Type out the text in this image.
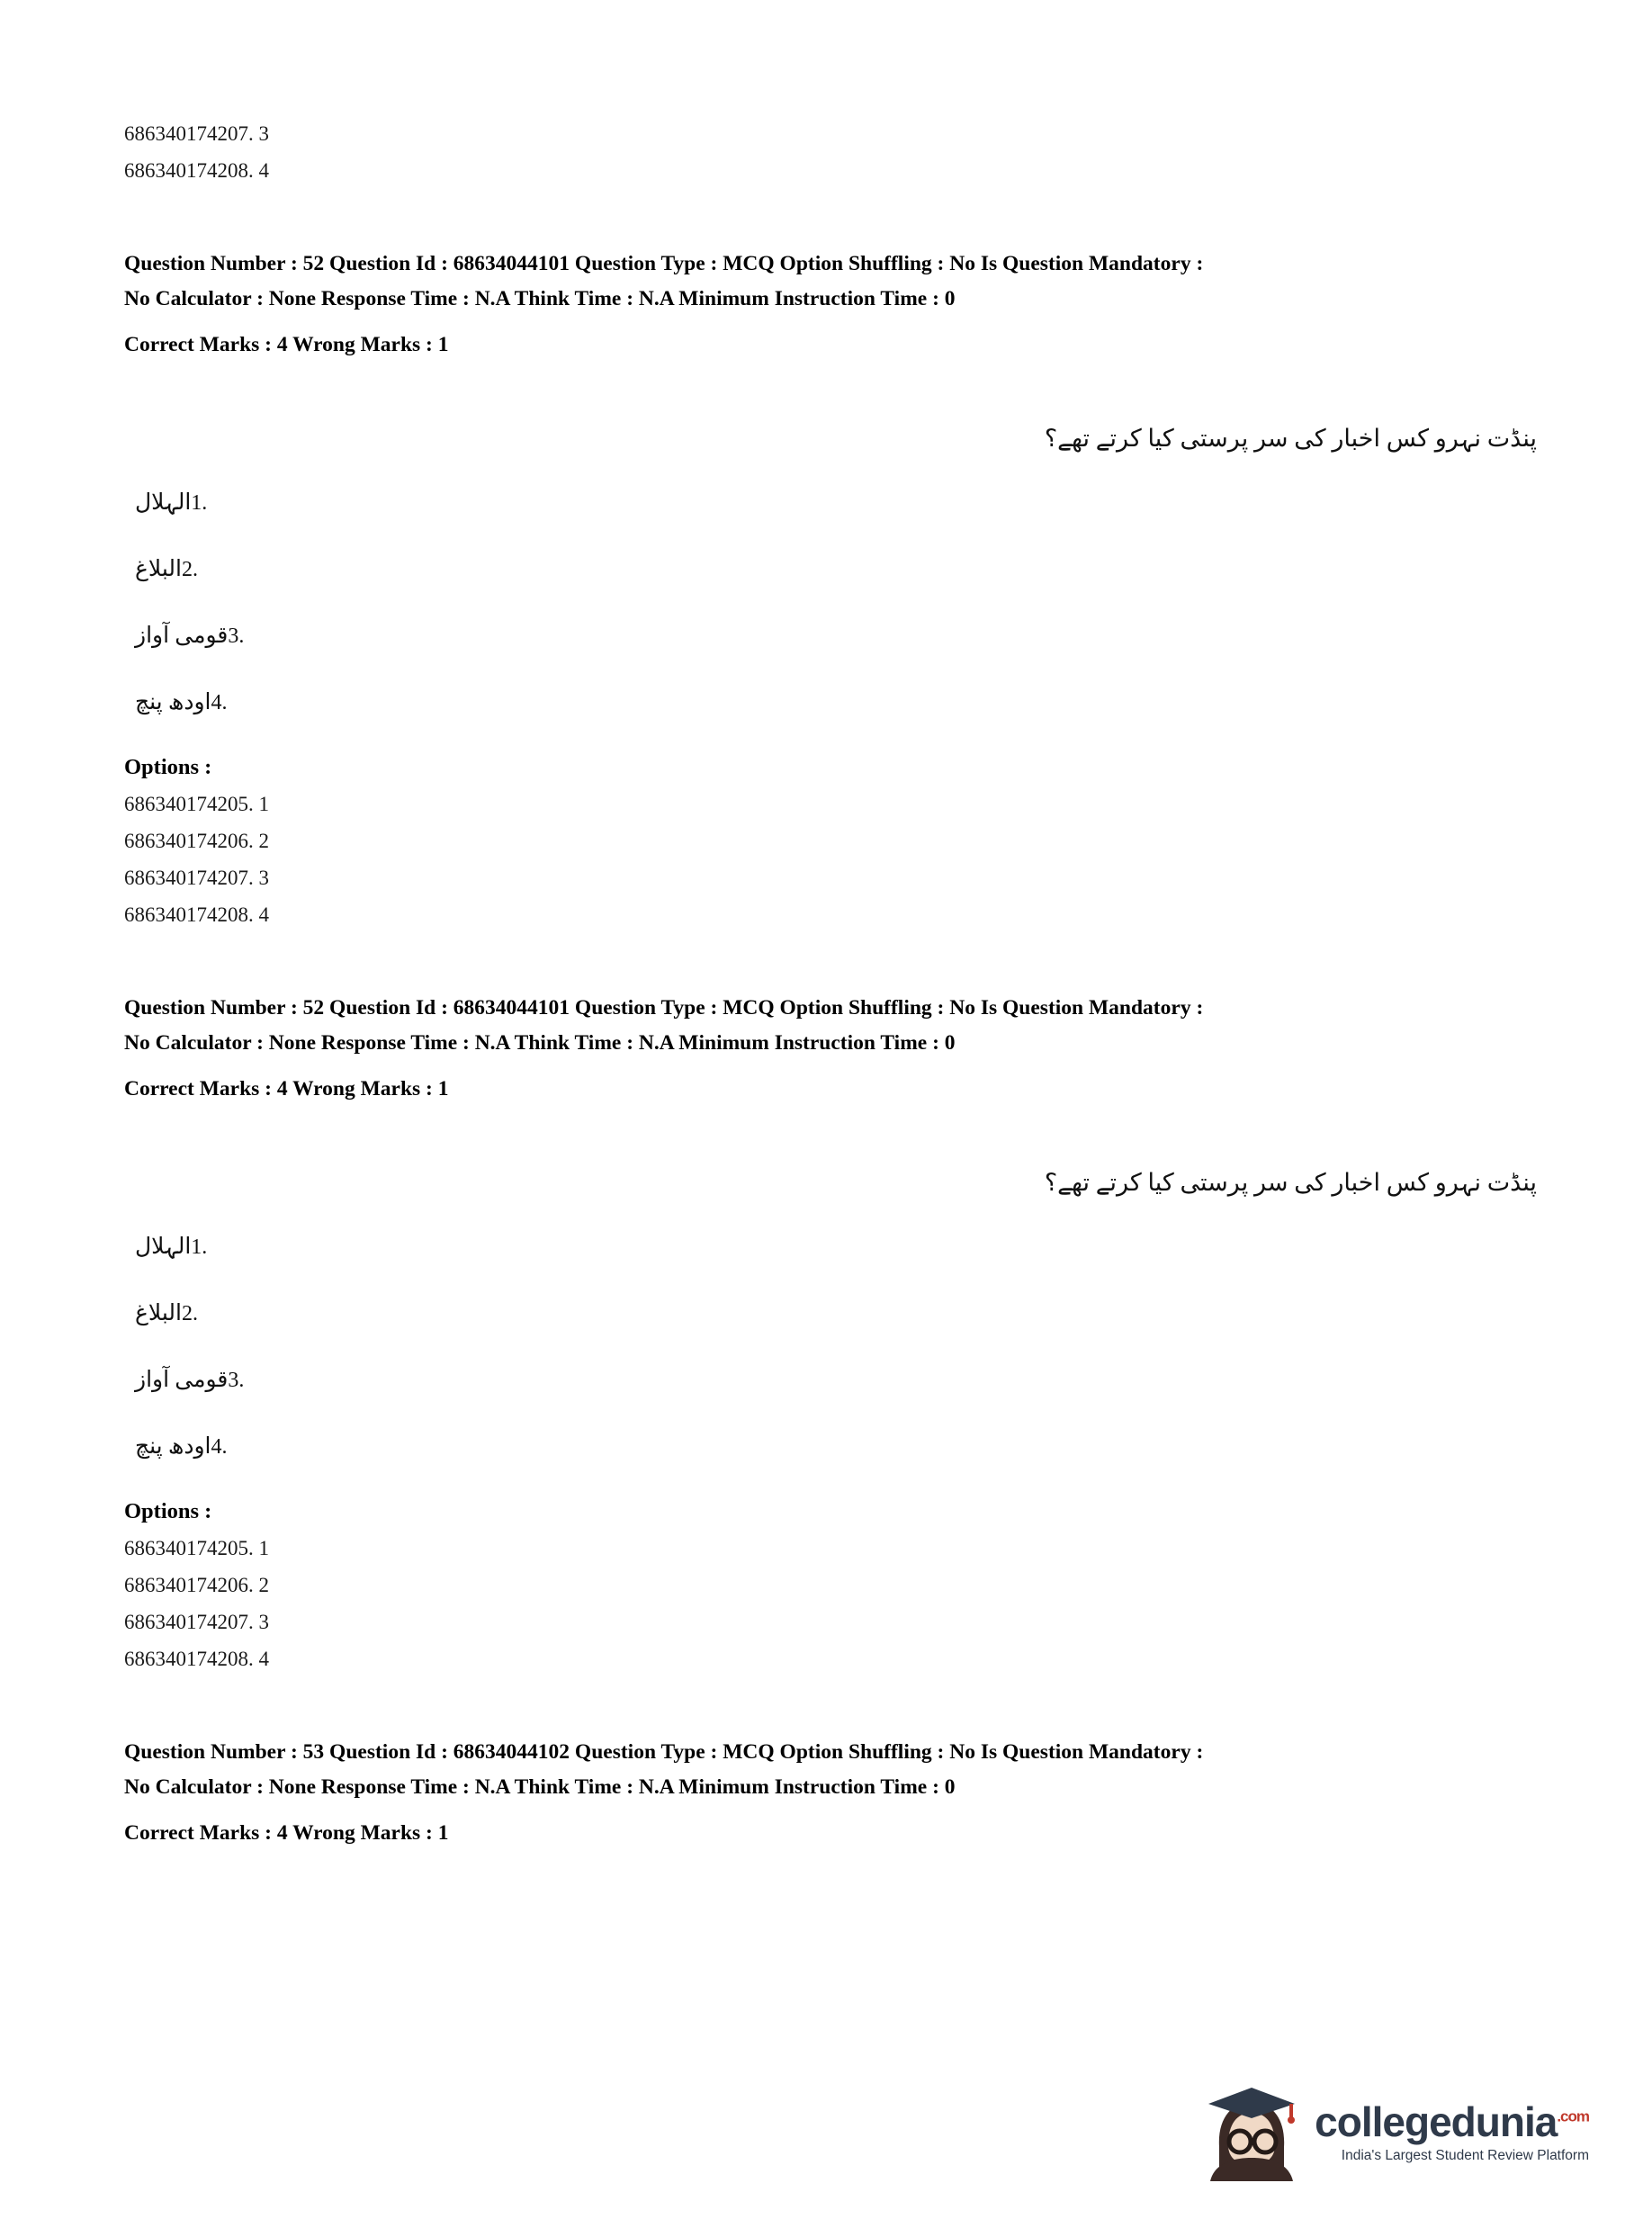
686340174207. 3
686340174208. 4
Question Number : 52 Question Id : 68634044101 Question Type : MCQ Option Shuffling : No Is Question Mandatory :
No Calculator : None Response Time : N.A Think Time : N.A Minimum Instruction Time : 0
Correct Marks : 4 Wrong Marks : 1
پنڈت نہرو کس اخبار کی سر پرستی کیا کرتے تھے؟
الہلال1.
البلاغ2.
قومی آواز3.
اودھ پنچ4.
Options :
686340174205. 1
686340174206. 2
686340174207. 3
686340174208. 4
Question Number : 52 Question Id : 68634044101 Question Type : MCQ Option Shuffling : No Is Question Mandatory :
No Calculator : None Response Time : N.A Think Time : N.A Minimum Instruction Time : 0
Correct Marks : 4 Wrong Marks : 1
پنڈت نہرو کس اخبار کی سر پرستی کیا کرتے تھے؟
الہلال1.
البلاغ2.
قومی آواز3.
اودھ پنچ4.
Options :
686340174205. 1
686340174206. 2
686340174207. 3
686340174208. 4
Question Number : 53 Question Id : 68634044102 Question Type : MCQ Option Shuffling : No Is Question Mandatory :
No Calculator : None Response Time : N.A Think Time : N.A Minimum Instruction Time : 0
Correct Marks : 4 Wrong Marks : 1
collegedunia$^{.com}$
India's Largest Student Review Platform
